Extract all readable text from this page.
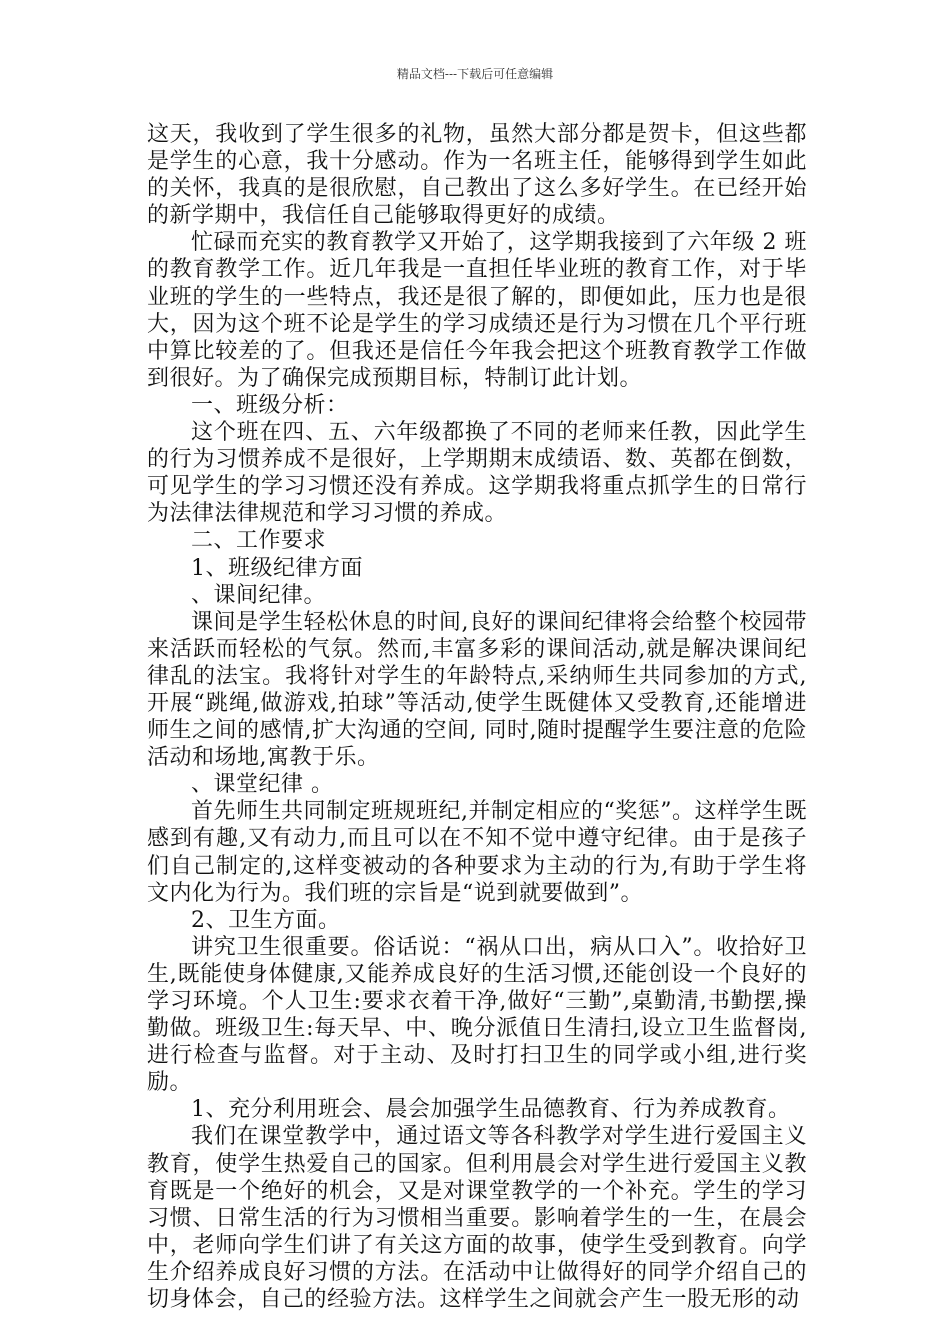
精品文档---下载后可任意编辑

这天，我收到了学生很多的礼物，虽然大部分都是贺卡，但这些都是学生的心意，我十分感动。作为一名班主任，能够得到学生如此的关怀，我真的是很欣慰，自己教出了这么多好学生。在已经开始的新学期中，我信任自己能够取得更好的成绩。

忙碌而充实的教育教学又开始了，这学期我接到了六年级 2 班的教育教学工作。近几年我是一直担任毕业班的教育工作，对于毕业班的学生的一些特点，我还是很了解的，即便如此，压力也是很大，因为这个班不论是学生的学习成绩还是行为习惯在几个平行班中算比较差的了。但我还是信任今年我会把这个班教育教学工作做到很好。为了确保完成预期目标，特制订此计划。

一、班级分析：

这个班在四、五、六年级都换了不同的老师来任教，因此学生的行为习惯养成不是很好，上学期期末成绩语、数、英都在倒数，可见学生的学习习惯还没有养成。这学期我将重点抓学生的日常行为法律法律规范和学习习惯的养成。

二、工作要求

1、班级纪律方面

、课间纪律。

课间是学生轻松休息的时间,良好的课间纪律将会给整个校园带来活跃而轻松的气氛。然而,丰富多彩的课间活动,就是解决课间纪律乱的法宝。我将针对学生的年龄特点,采纳师生共同参加的方式,开展“跳绳,做游戏,拍球”等活动,使学生既健体又受教育,还能增进师生之间的感情,扩大沟通的空间, 同时,随时提醒学生要注意的危险活动和场地,寓教于乐。

、课堂纪律 。

首先师生共同制定班规班纪,并制定相应的“奖惩”。这样学生既感到有趣,又有动力,而且可以在不知不觉中遵守纪律。由于是孩子们自己制定的,这样变被动的各种要求为主动的行为,有助于学生将文内化为行为。我们班的宗旨是“说到就要做到”。

2、卫生方面。

讲究卫生很重要。俗话说：“祸从口出，病从口入”。收拾好卫生,既能使身体健康,又能养成良好的生活习惯,还能创设一个良好的学习环境。个人卫生:要求衣着干净,做好“三勤”,桌勤清,书勤摆,操勤做。班级卫生:每天早、中、晚分派值日生清扫,设立卫生监督岗,进行检查与监督。对于主动、及时打扫卫生的同学或小组,进行奖励。

1、充分利用班会、晨会加强学生品德教育、行为养成教育。

我们在课堂教学中，通过语文等各科教学对学生进行爱国主义教育，使学生热爱自己的国家。但利用晨会对学生进行爱国主义教育既是一个绝好的机会，又是对课堂教学的一个补充。学生的学习习惯、日常生活的行为习惯相当重要。影响着学生的一生，在晨会中，老师向学生们讲了有关这方面的故事，使学生受到教育。向学生介绍养成良好习惯的方法。在活动中让做得好的同学介绍自己的切身体会，自己的经验方法。这样学生之间就会产生一股无形的动
